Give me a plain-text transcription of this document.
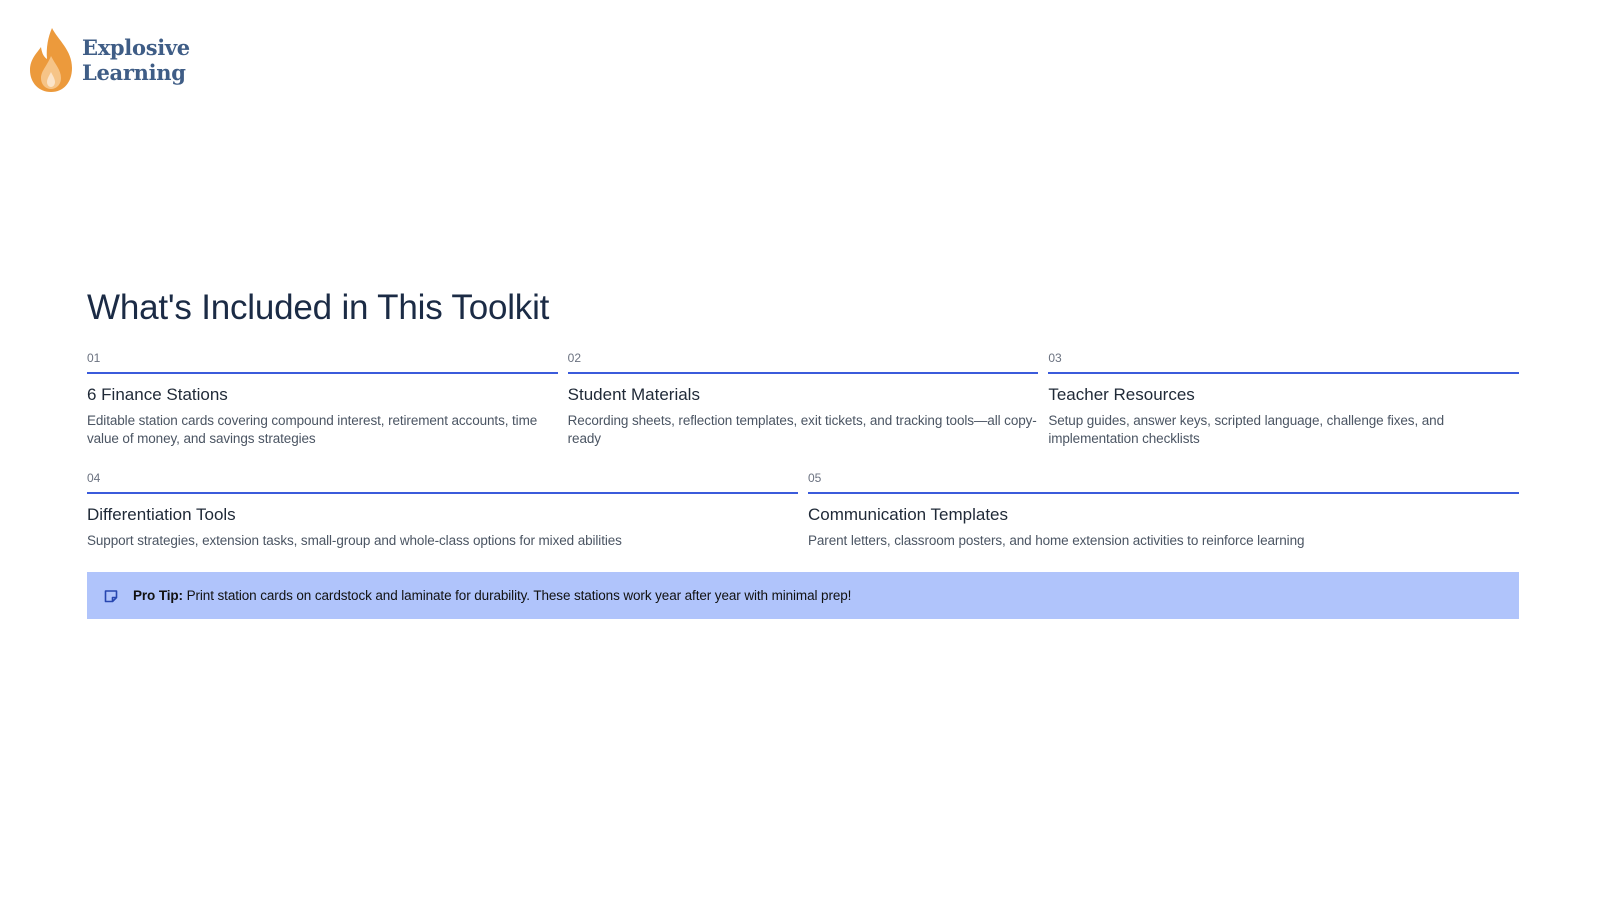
Explosive
Learning
What's Included in This Toolkit
01
6 Finance Stations
Editable station cards covering compound interest, retirement accounts, time value of money, and savings strategies
02
Student Materials
Recording sheets, reflection templates, exit tickets, and tracking tools—all copy-ready
03
Teacher Resources
Setup guides, answer keys, scripted language, challenge fixes, and implementation checklists
04
Differentiation Tools
Support strategies, extension tasks, small-group and whole-class options for mixed abilities
05
Communication Templates
Parent letters, classroom posters, and home extension activities to reinforce learning
Pro Tip: Print station cards on cardstock and laminate for durability. These stations work year after year with minimal prep!
